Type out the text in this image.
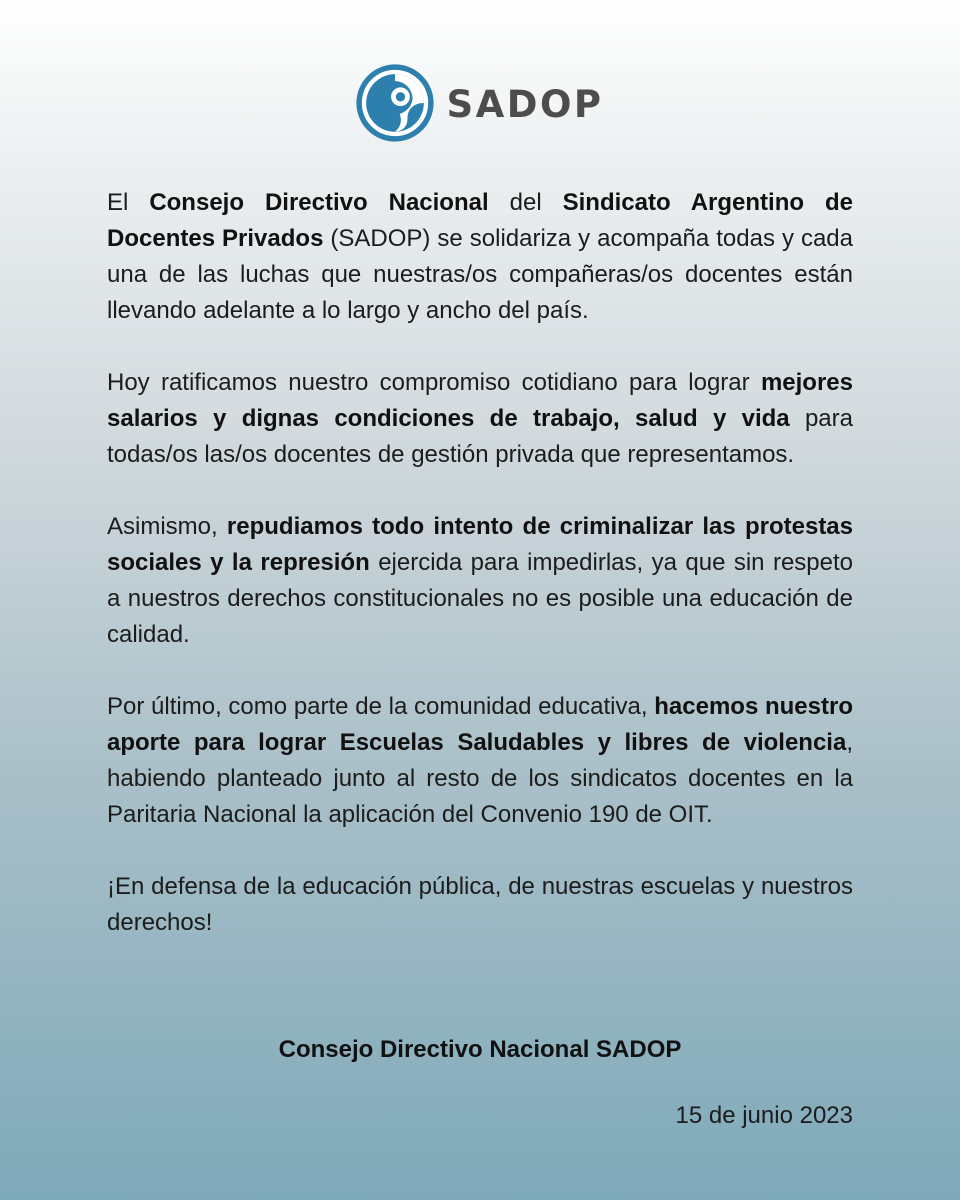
SADOP

El Consejo Directivo Nacional del Sindicato Argentino de Docentes Privados (SADOP) se solidariza y acompaña todas y cada una de las luchas que nuestras/os compañeras/os docentes están llevando adelante a lo largo y ancho del país.

Hoy ratificamos nuestro compromiso cotidiano para lograr mejores salarios y dignas condiciones de trabajo, salud y vida para todas/os las/os docentes de gestión privada que representamos.

Asimismo, repudiamos todo intento de criminalizar las protestas sociales y la represión ejercida para impedirlas, ya que sin respeto a nuestros derechos constitucionales no es posible una educación de calidad.

Por último, como parte de la comunidad educativa, hacemos nuestro aporte para lograr Escuelas Saludables y libres de violencia, habiendo planteado junto al resto de los sindicatos docentes en la Paritaria Nacional la aplicación del Convenio 190 de OIT.

¡En defensa de la educación pública, de nuestras escuelas y nuestros derechos!

Consejo Directivo Nacional SADOP
15 de junio 2023
